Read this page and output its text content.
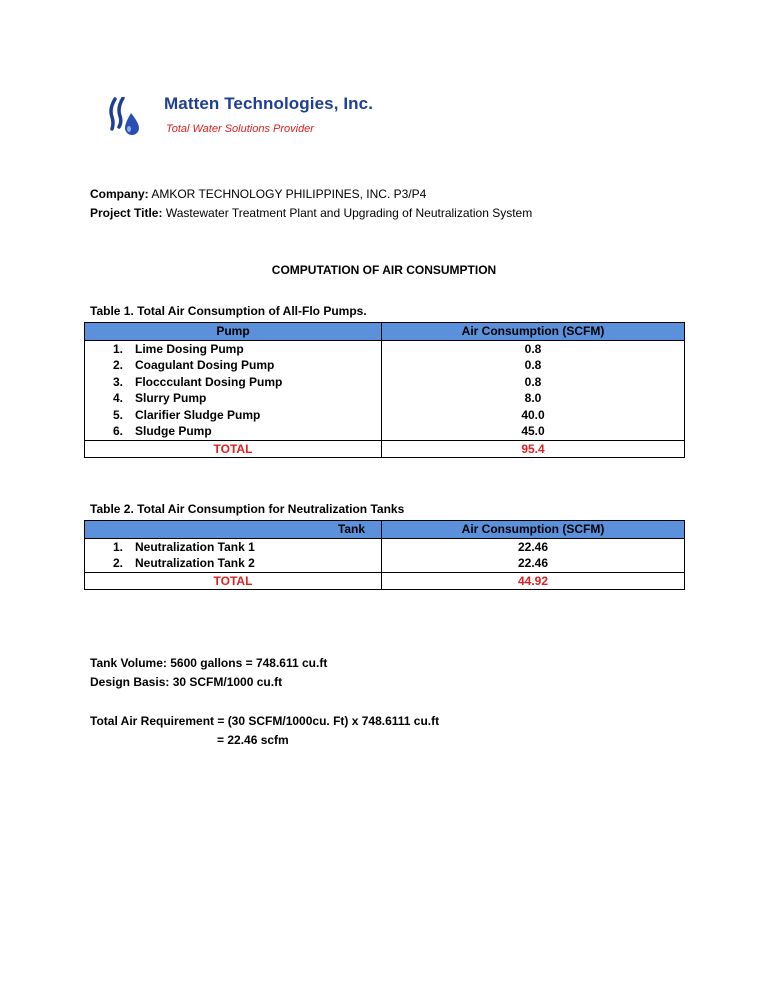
Matten Technologies, Inc.
Total Water Solutions Provider
Company: AMKOR TECHNOLOGY PHILIPPINES, INC. P3/P4
Project Title: Wastewater Treatment Plant and Upgrading of Neutralization System
COMPUTATION OF AIR CONSUMPTION
Table 1. Total Air Consumption of All-Flo Pumps.
Pump	Air Consumption (SCFM)
1. Lime Dosing Pump	0.8
2. Coagulant Dosing Pump	0.8
3. Floccculant Dosing Pump	0.8
4. Slurry Pump	8.0
5. Clarifier Sludge Pump	40.0
6. Sludge Pump	45.0
TOTAL	95.4
Table 2. Total Air Consumption for Neutralization Tanks
Tank	Air Consumption (SCFM)
1. Neutralization Tank 1	22.46
2. Neutralization Tank 2	22.46
TOTAL	44.92
Tank Volume: 5600 gallons = 748.611 cu.ft
Design Basis: 30 SCFM/1000 cu.ft
Total Air Requirement = (30 SCFM/1000cu. Ft) x 748.6111 cu.ft
= 22.46 scfm
